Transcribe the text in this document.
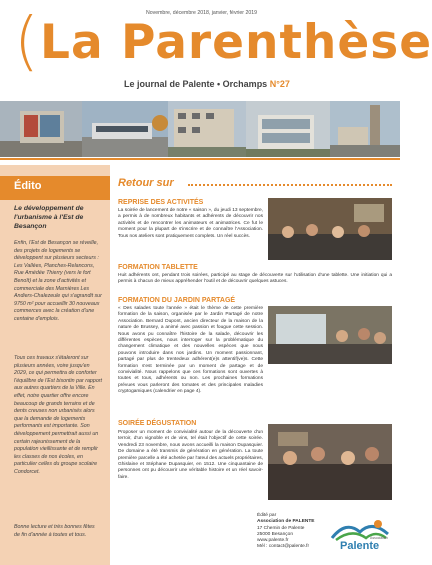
( La Parenthèse
Novembre, décembre 2018, janvier, février 2019
Le journal de Palente • Orchamps N°27
Édito
Le développement de l'urbanisme à l'Est de Besançon
Enfin, l'Est de Besançon se réveille, des projets de logements se développent sur plusieurs secteurs : Les Vallées, Planches-Relancons, Rue Amédée Thierry (vers le fort Benoît) et la zone d'activités et commerciale des Marnières Les Andiers-Chalezeule qui s'agrandit sur 9750 m² pour accueillir 30 nouveaux commerces avec la création d'une centaine d'emplois.
Tous ces travaux s'étaleront sur plusieurs années, voire jusqu'en 2029, ce qui permettra de conforter l'équilibre de l'Est bisontin par rapport aux autres quartiers de la Ville. En effet, notre quartier offre encore beaucoup de grands terrains et de dents creuses non urbanisés alors que la demande de logements performants est importante. Son développement permettrait aussi un certain rajeunissement de la population vieillissante et de remplir les classes de nos écoles, en particulier celles du groupe scolaire Condorcet.
Bonne lecture et très bonnes fêtes de fin d'année à toutes et tous.
Retour sur
REPRISE DES ACTIVITÉS
La soirée de lancement de notre « saison », du jeudi 13 septembre, a permis à de nombreux habitants et adhérents de découvrir nos activités et de rencontrer les animateurs et animatrices. Ce fut le moment pour la plupart de s'inscrire et de connaître l'Association. Tous nos ateliers sont pratiquement complets. Un réel succès.
FORMATION TABLETTE
Huit adhérents ont, pendant trois soirées, participé au stage de découverte sur l'utilisation d'une tablette. Une initiation qui a permis à chacun de mieux appréhender l'outil et de découvrir quelques astuces.
FORMATION DU JARDIN PARTAGÉ
« Des salades toute l'année » était le thème de cette première formation de la saison, organisée par le Jardin Partagé de notre Association. Bernard Dupont, ancien directeur de la maison de la nature de Brussey, a animé avec passion et fougue cette session. Nous avons pu connaître l'histoire de la salade, découvrir les différentes espèces, nous interroger sur la problématique du changement climatique et des nouvelles espèces que nous pouvons introduire dans nos jardins. Un moment passionnant, partagé par plus de trentedeux adhérent(e)s attentif(ve)s. Cette formation s'est terminée par un moment de partage et de convivialité. Nous rappelons que ces formations sont ouvertes à toutes et tous, adhérents ou non. Les prochaines formations prévues vous parleront des tomates et des principales maladies cryptogamiques (calendrier en page 4).
SOIRÉE DÉGUSTATION
Proposer un moment de convivialité autour de la découverte d'un terroir, d'un vignoble et de vins, tel était l'objectif de cette soirée. Vendredi 23 novembre, nous avons accueilli la maison Dupasquier. De domaine a été transmis de génération en génération. La toute première parcelle a été achetée par l'aïeul des actuels propriétaires, Ghislaine et Stéphane Dupasquier, en 1512. Une cinquantaine de personnes ont pu découvrir une véritable histoire et un réel savoir-faire.
Édité par
Association de PALENTE
17 Chemin de Palente
25000 Besançon
www.palente.fr
Mél : contact@palente.fr	Palente
Association
